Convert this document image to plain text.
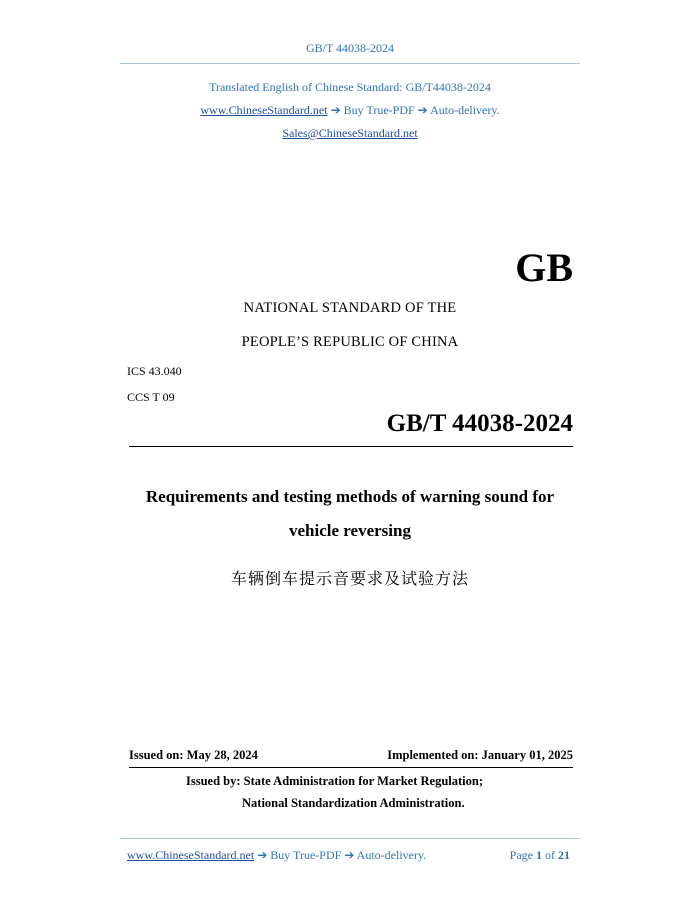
GB/T 44038-2024
Translated English of Chinese Standard: GB/T44038-2024
www.ChineseStandard.net ➔ Buy True-PDF ➔ Auto-delivery.
Sales@ChineseStandard.net
GB
NATIONAL STANDARD OF THE
PEOPLE’S REPUBLIC OF CHINA
ICS 43.040
CCS T 09
GB/T 44038-2024
Requirements and testing methods of warning sound for
vehicle reversing
车辆倒车提示音要求及试验方法
Issued on: May 28, 2024	Implemented on: January 01, 2025
Issued by: State Administration for Market Regulation;
National Standardization Administration.
www.ChineseStandard.net ➔ Buy True-PDF ➔ Auto-delivery.	Page 1 of 21
